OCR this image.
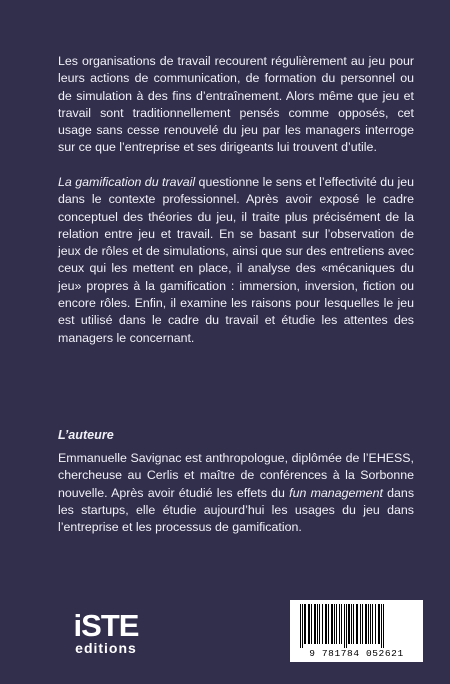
Les organisations de travail recourent régulièrement au jeu pour leurs actions de communication, de formation du personnel ou de simulation à des fins d’entraînement. Alors même que jeu et travail sont traditionnellement pensés comme opposés, cet usage sans cesse renouvelé du jeu par les managers interroge sur ce que l’entreprise et ses dirigeants lui trouvent d’utile.

La gamification du travail questionne le sens et l’effectivité du jeu dans le contexte professionnel. Après avoir exposé le cadre conceptuel des théories du jeu, il traite plus précisément de la relation entre jeu et travail. En se basant sur l’observation de jeux de rôles et de simulations, ainsi que sur des entretiens avec ceux qui les mettent en place, il analyse des «mécaniques du jeu» propres à la gamification : immersion, inversion, fiction ou encore rôles. Enfin, il examine les raisons pour lesquelles le jeu est utilisé dans le cadre du travail et étudie les attentes des managers le concernant.

L’auteure

Emmanuelle Savignac est anthropologue, diplômée de l’EHESS, chercheuse au Cerlis et maître de conférences à la Sorbonne nouvelle. Après avoir étudié les effets du fun management dans les startups, elle étudie aujourd’hui les usages du jeu dans l’entreprise et les processus de gamification.

iSTE
editions	9 781784 052621
